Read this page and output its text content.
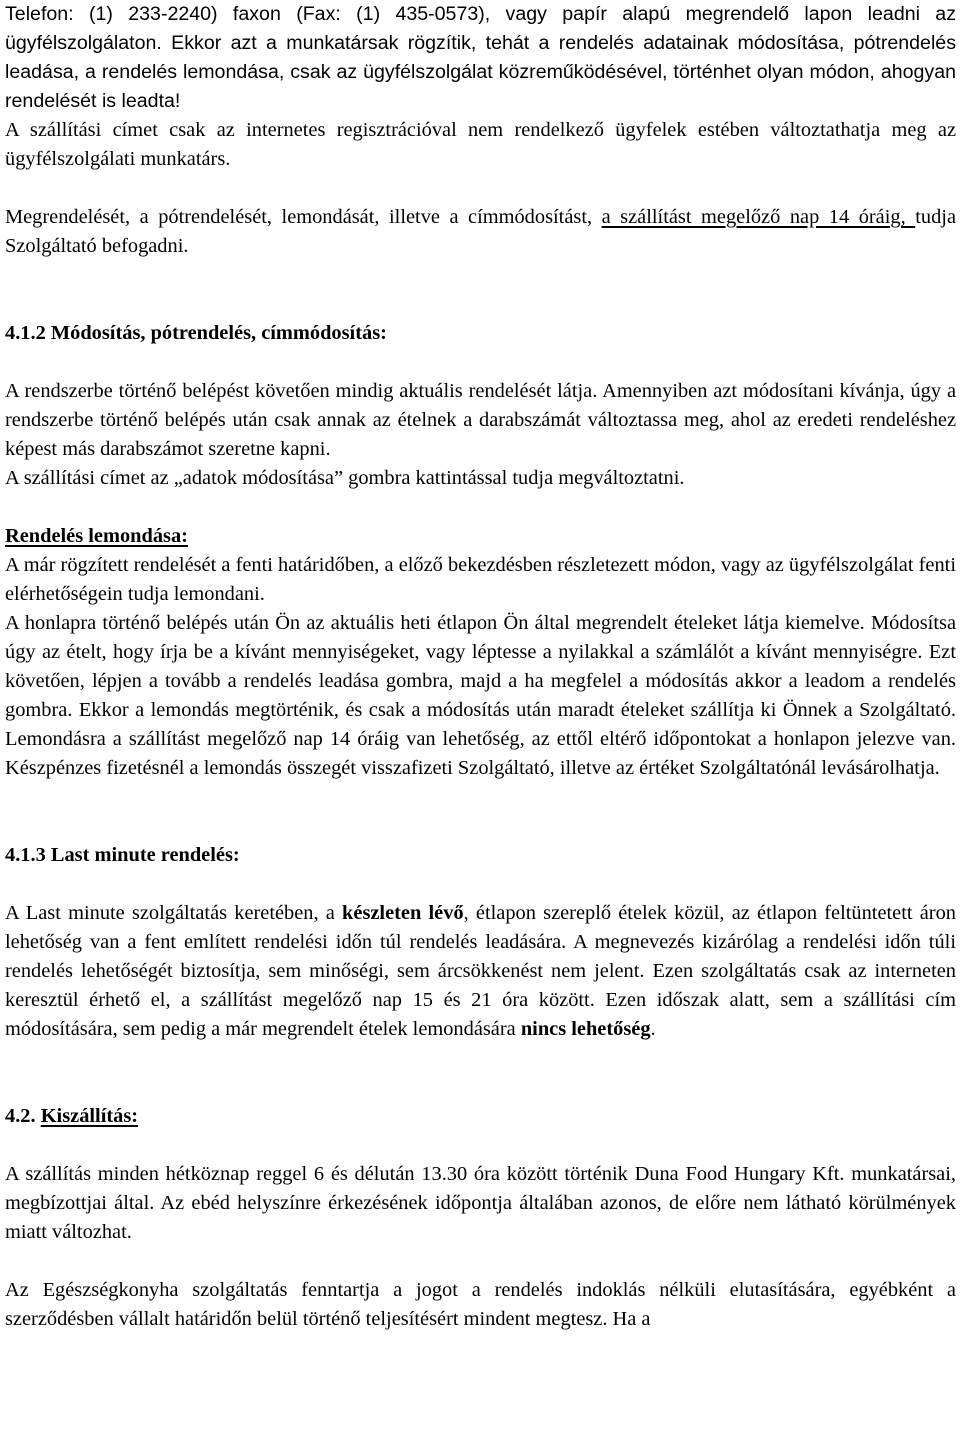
Telefon: (1) 233-2240) faxon (Fax: (1) 435-0573), vagy papír alapú megrendelő lapon leadni az ügyfélszolgálaton. Ekkor azt a munkatársak rögzítik, tehát a rendelés adatainak módosítása, pótrendelés leadása, a rendelés lemondása, csak az ügyfélszolgálat közreműködésével, történhet olyan módon, ahogyan rendelését is leadta!

A szállítási címet csak az internetes regisztrációval nem rendelkező ügyfelek estében változtathatja meg az ügyfélszolgálati munkatárs.

Megrendelését, a pótrendelését, lemondását, illetve a címmódosítást, a szállítást megelőző nap 14 óráig, tudja Szolgáltató befogadni.

4.1.2 Módosítás, pótrendelés, címmódosítás:

A rendszerbe történő belépést követően mindig aktuális rendelését látja. Amennyiben azt módosítani kívánja, úgy a rendszerbe történő belépés után csak annak az ételnek a darabszámát változtassa meg, ahol az eredeti rendeléshez képest más darabszámot szeretne kapni.

A szállítási címet az „adatok módosítása” gombra kattintással tudja megváltoztatni.

Rendelés lemondása:

A már rögzített rendelését a fenti határidőben, a előző bekezdésben részletezett módon, vagy az ügyfélszolgálat fenti elérhetőségein tudja lemondani.

A honlapra történő belépés után Ön az aktuális heti étlapon Ön által megrendelt ételeket látja kiemelve. Módosítsa úgy az ételt, hogy írja be a kívánt mennyiségeket, vagy léptesse a nyilakkal a számlálót a kívánt mennyiségre. Ezt követően, lépjen a tovább a rendelés leadása gombra, majd a ha megfelel a módosítás akkor a leadom a rendelés gombra. Ekkor a lemondás megtörténik, és csak a módosítás után maradt ételeket szállítja ki Önnek a Szolgáltató. Lemondásra a szállítást megelőző nap 14 óráig van lehetőség, az ettől eltérő időpontokat a honlapon jelezve van. Készpénzes fizetésnél a lemondás összegét visszafizeti Szolgáltató, illetve az értéket Szolgáltatónál levásárolhatja.

4.1.3 Last minute rendelés:

A Last minute szolgáltatás keretében, a készleten lévő, étlapon szereplő ételek közül, az étlapon feltüntetett áron lehetőség van a fent említett rendelési időn túl rendelés leadására. A megnevezés kizárólag a rendelési időn túli rendelés lehetőségét biztosítja, sem minőségi, sem árcsökkenést nem jelent. Ezen szolgáltatás csak az interneten keresztül érhető el, a szállítást megelőző nap 15 és 21 óra között. Ezen időszak alatt, sem a szállítási cím módosítására, sem pedig a már megrendelt ételek lemondására nincs lehetőség.

4.2. Kiszállítás:

A szállítás minden hétköznap reggel 6 és délután 13.30 óra között történik Duna Food Hungary Kft. munkatársai, megbízottjai által. Az ebéd helyszínre érkezésének időpontja általában azonos, de előre nem látható körülmények miatt változhat.

Az Egészségkonyha szolgáltatás fenntartja a jogot a rendelés indoklás nélküli elutasítására, egyébként a szerződésben vállalt határidőn belül történő teljesítésért mindent megtesz. Ha a
